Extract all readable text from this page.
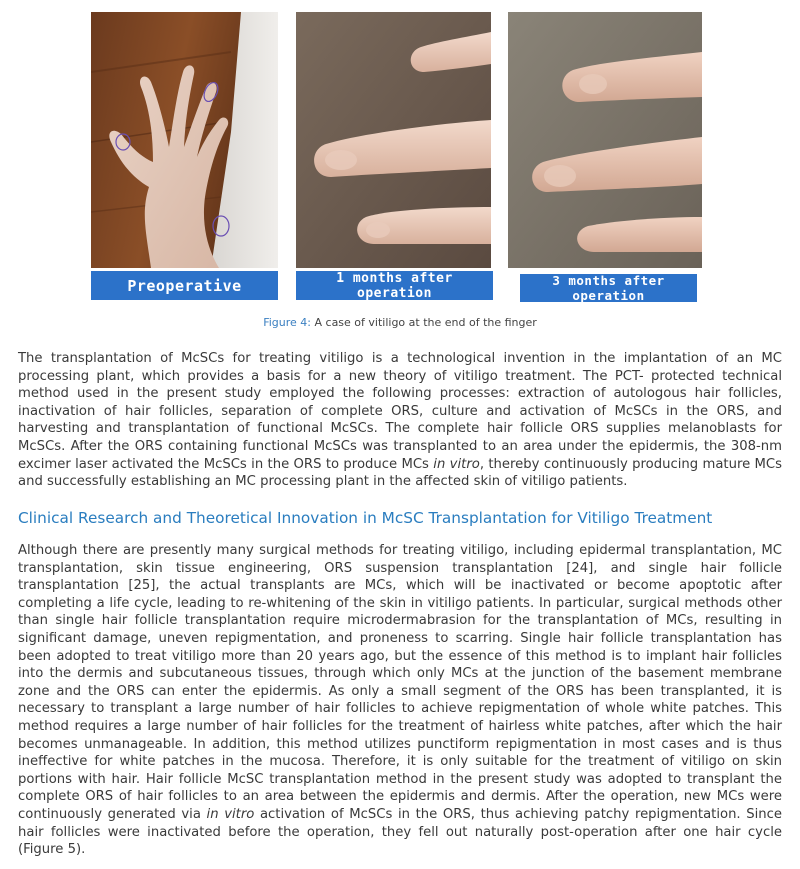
Preoperative	1 months after operation
3 months after operation
Figure 4: A case of vitiligo at the end of the finger

The transplantation of McSCs for treating vitiligo is a technological invention in the implantation of an MC processing plant, which provides a basis for a new theory of vitiligo treatment. The PCT- protected technical method used in the present study employed the following processes: extraction of autologous hair follicles, inactivation of hair follicles, separation of complete ORS, culture and activation of McSCs in the ORS, and harvesting and transplantation of functional McSCs. The complete hair follicle ORS supplies melanoblasts for McSCs. After the ORS containing functional McSCs was transplanted to an area under the epidermis, the 308-nm excimer laser activated the McSCs in the ORS to produce MCs in vitro, thereby continuously producing mature MCs and successfully establishing an MC processing plant in the affected skin of vitiligo patients.

Clinical Research and Theoretical Innovation in McSC Transplantation for Vitiligo Treatment

Although there are presently many surgical methods for treating vitiligo, including epidermal transplantation, MC transplantation, skin tissue engineering, ORS suspension transplantation [24], and single hair follicle transplantation [25], the actual transplants are MCs, which will be inactivated or become apoptotic after completing a life cycle, leading to re-whitening of the skin in vitiligo patients. In particular, surgical methods other than single hair follicle transplantation require microdermabrasion for the transplantation of MCs, resulting in significant damage, uneven repigmentation, and proneness to scarring. Single hair follicle transplantation has been adopted to treat vitiligo more than 20 years ago, but the essence of this method is to implant hair follicles into the dermis and subcutaneous tissues, through which only MCs at the junction of the basement membrane zone and the ORS can enter the epidermis. As only a small segment of the ORS has been transplanted, it is necessary to transplant a large number of hair follicles to achieve repigmentation of whole white patches. This method requires a large number of hair follicles for the treatment of hairless white patches, after which the hair becomes unmanageable. In addition, this method utilizes punctiform repigmentation in most cases and is thus ineffective for white patches in the mucosa. Therefore, it is only suitable for the treatment of vitiligo on skin portions with hair. Hair follicle McSC transplantation method in the present study was adopted to transplant the complete ORS of hair follicles to an area between the epidermis and dermis. After the operation, new MCs were continuously generated via in vitro activation of McSCs in the ORS, thus achieving patchy repigmentation. Since hair follicles were inactivated before the operation, they fell out naturally post-operation after one hair cycle (Figure 5).
